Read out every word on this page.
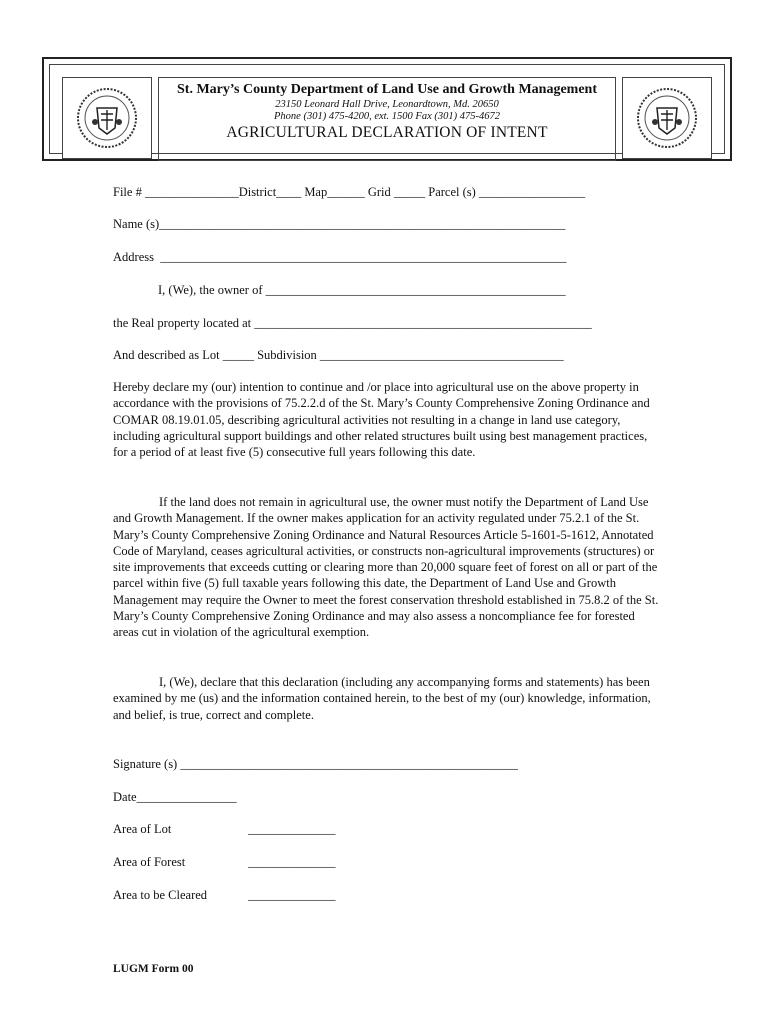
St. Mary’s County Department of Land Use and Growth Management
23150 Leonard Hall Drive, Leonardtown, Md. 20650
Phone (301) 475-4200, ext. 1500 Fax (301) 475-4672
AGRICULTURAL DECLARATION OF INTENT
File # _______________District____ Map______ Grid _____ Parcel (s) _________________
Name (s)_________________________________________________________________
Address  _________________________________________________________________
I, (We), the owner of ________________________________________________
the Real property located at ______________________________________________________
And described as Lot _____ Subdivision _______________________________________

Hereby declare my (our) intention to continue and /or place into agricultural use on the above property in accordance with the provisions of 75.2.2.d of the St. Mary’s County Comprehensive Zoning Ordinance and COMAR 08.19.01.05, describing agricultural activities not resulting in a change in land use category, including agricultural support buildings and other related structures built using best management practices, for a period of at least five (5) consecutive full years following this date.

If the land does not remain in agricultural use, the owner must notify the Department of Land Use and Growth Management. If the owner makes application for an activity regulated under 75.2.1 of the St. Mary’s County Comprehensive Zoning Ordinance and Natural Resources Article 5-1601-5-1612, Annotated Code of Maryland, ceases agricultural activities, or constructs non-agricultural improvements (structures) or site improvements that exceeds cutting or clearing more than 20,000 square feet of forest on all or part of the parcel within five (5) full taxable years following this date, the Department of Land Use and Growth Management may require the Owner to meet the forest conservation threshold established in 75.8.2 of the St. Mary’s County Comprehensive Zoning Ordinance and may also assess a noncompliance fee for forested areas cut in violation of the agricultural exemption.

I, (We), declare that this declaration (including any accompanying forms and statements) has been examined by me (us) and the information contained herein, to the best of my (our) knowledge, information, and belief, is true, correct and complete.

Signature (s) ______________________________________________________
Date________________
Area of Lot	______________
Area of Forest	______________
Area to be Cleared	______________
LUGM Form 00
